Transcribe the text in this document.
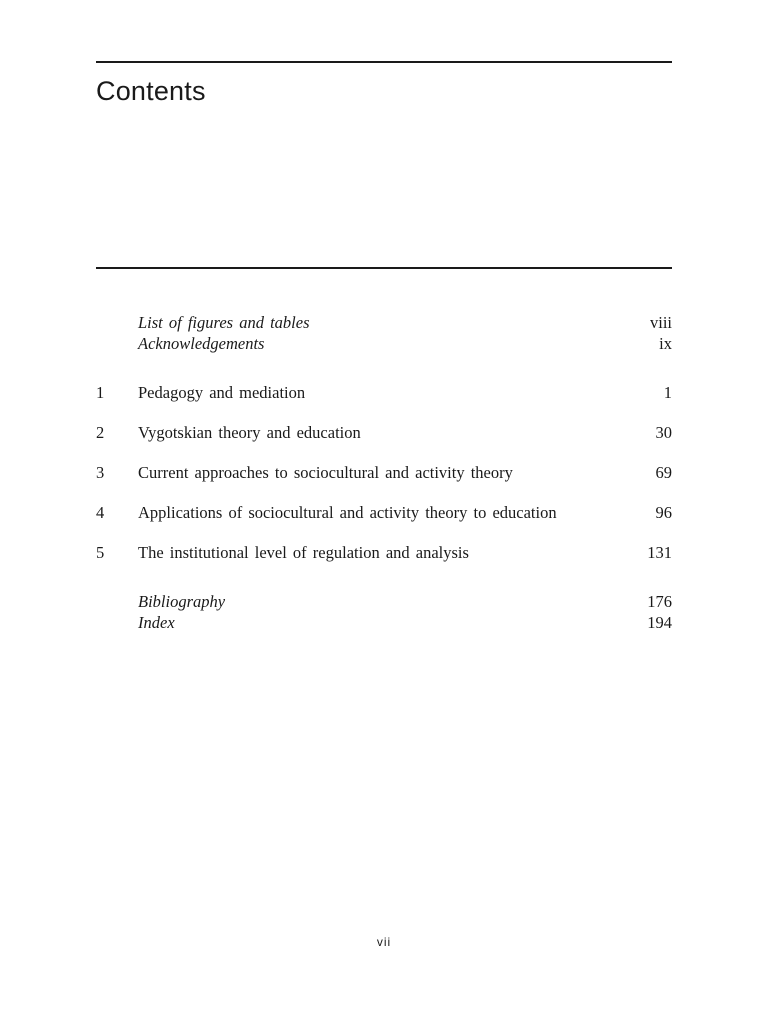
Contents
List of figures and tables	viii
Acknowledgements	ix
1 Pedagogy and mediation	1
2 Vygotskian theory and education	30
3 Current approaches to sociocultural and activity theory	69
4 Applications of sociocultural and activity theory to education	96
5 The institutional level of regulation and analysis	131
Bibliography	176
Index	194
vii
